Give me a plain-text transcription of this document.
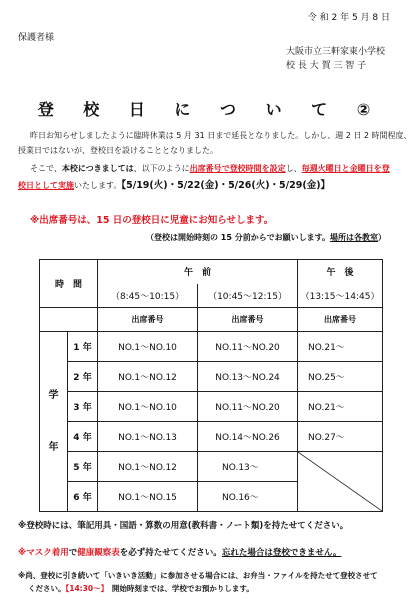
令 和 2 年 5 月 8 日
保護者様
大阪市立三軒家東小学校
校 長 大 賀 三 智 子
登 校 日 に つ い て ②
昨日お知らせしましたように臨時休業は 5 月 31 日まで延長となりました。しかし、週 2 日 2 時間程度、
授業日ではないが、登校日を設けることとなりました。
そこで、本校につきましては、以下のように出席番号で登校時間を設定し、毎週火曜日と金曜日を登
校日として実施いたします。【5/19(火)・5/22(金)・5/26(火)・5/29(金)】
※出席番号は、15 日の登校日に児童にお知らせします。
（登校は開始時刻の 15 分前からでお願いします。場所は各教室）
時　間		午　前		午　後
		（8:45～10:15）	（10:45～12:15）	（13:15～14:45）
		出席番号	出席番号	出席番号

学
年	1 年	NO.1～NO.10	NO.11～NO.20	NO.21～
	2 年	NO.1～NO.12	NO.13～NO.24	NO.25～
	3 年	NO.1～NO.10	NO.11～NO.20	NO.21～
	4 年	NO.1～NO.13	NO.14～NO.26	NO.27～
	5 年	NO.1～NO.12	NO.13～	

	6 年	NO.1～NO.15	NO.16～	
※登校時には、筆記用具・国語・算数の用意(教科書・ノート類)を持たせてください。
※マスク着用で健康観察表を必ず持たせてください。忘れた場合は登校できません。
※尚、登校に引き続いて「いきいき活動」に参加させる場合には、お弁当・ファイルを持たせて登校させて
ください。【14:30～】　開始時刻までは、学校でお預かりします。
